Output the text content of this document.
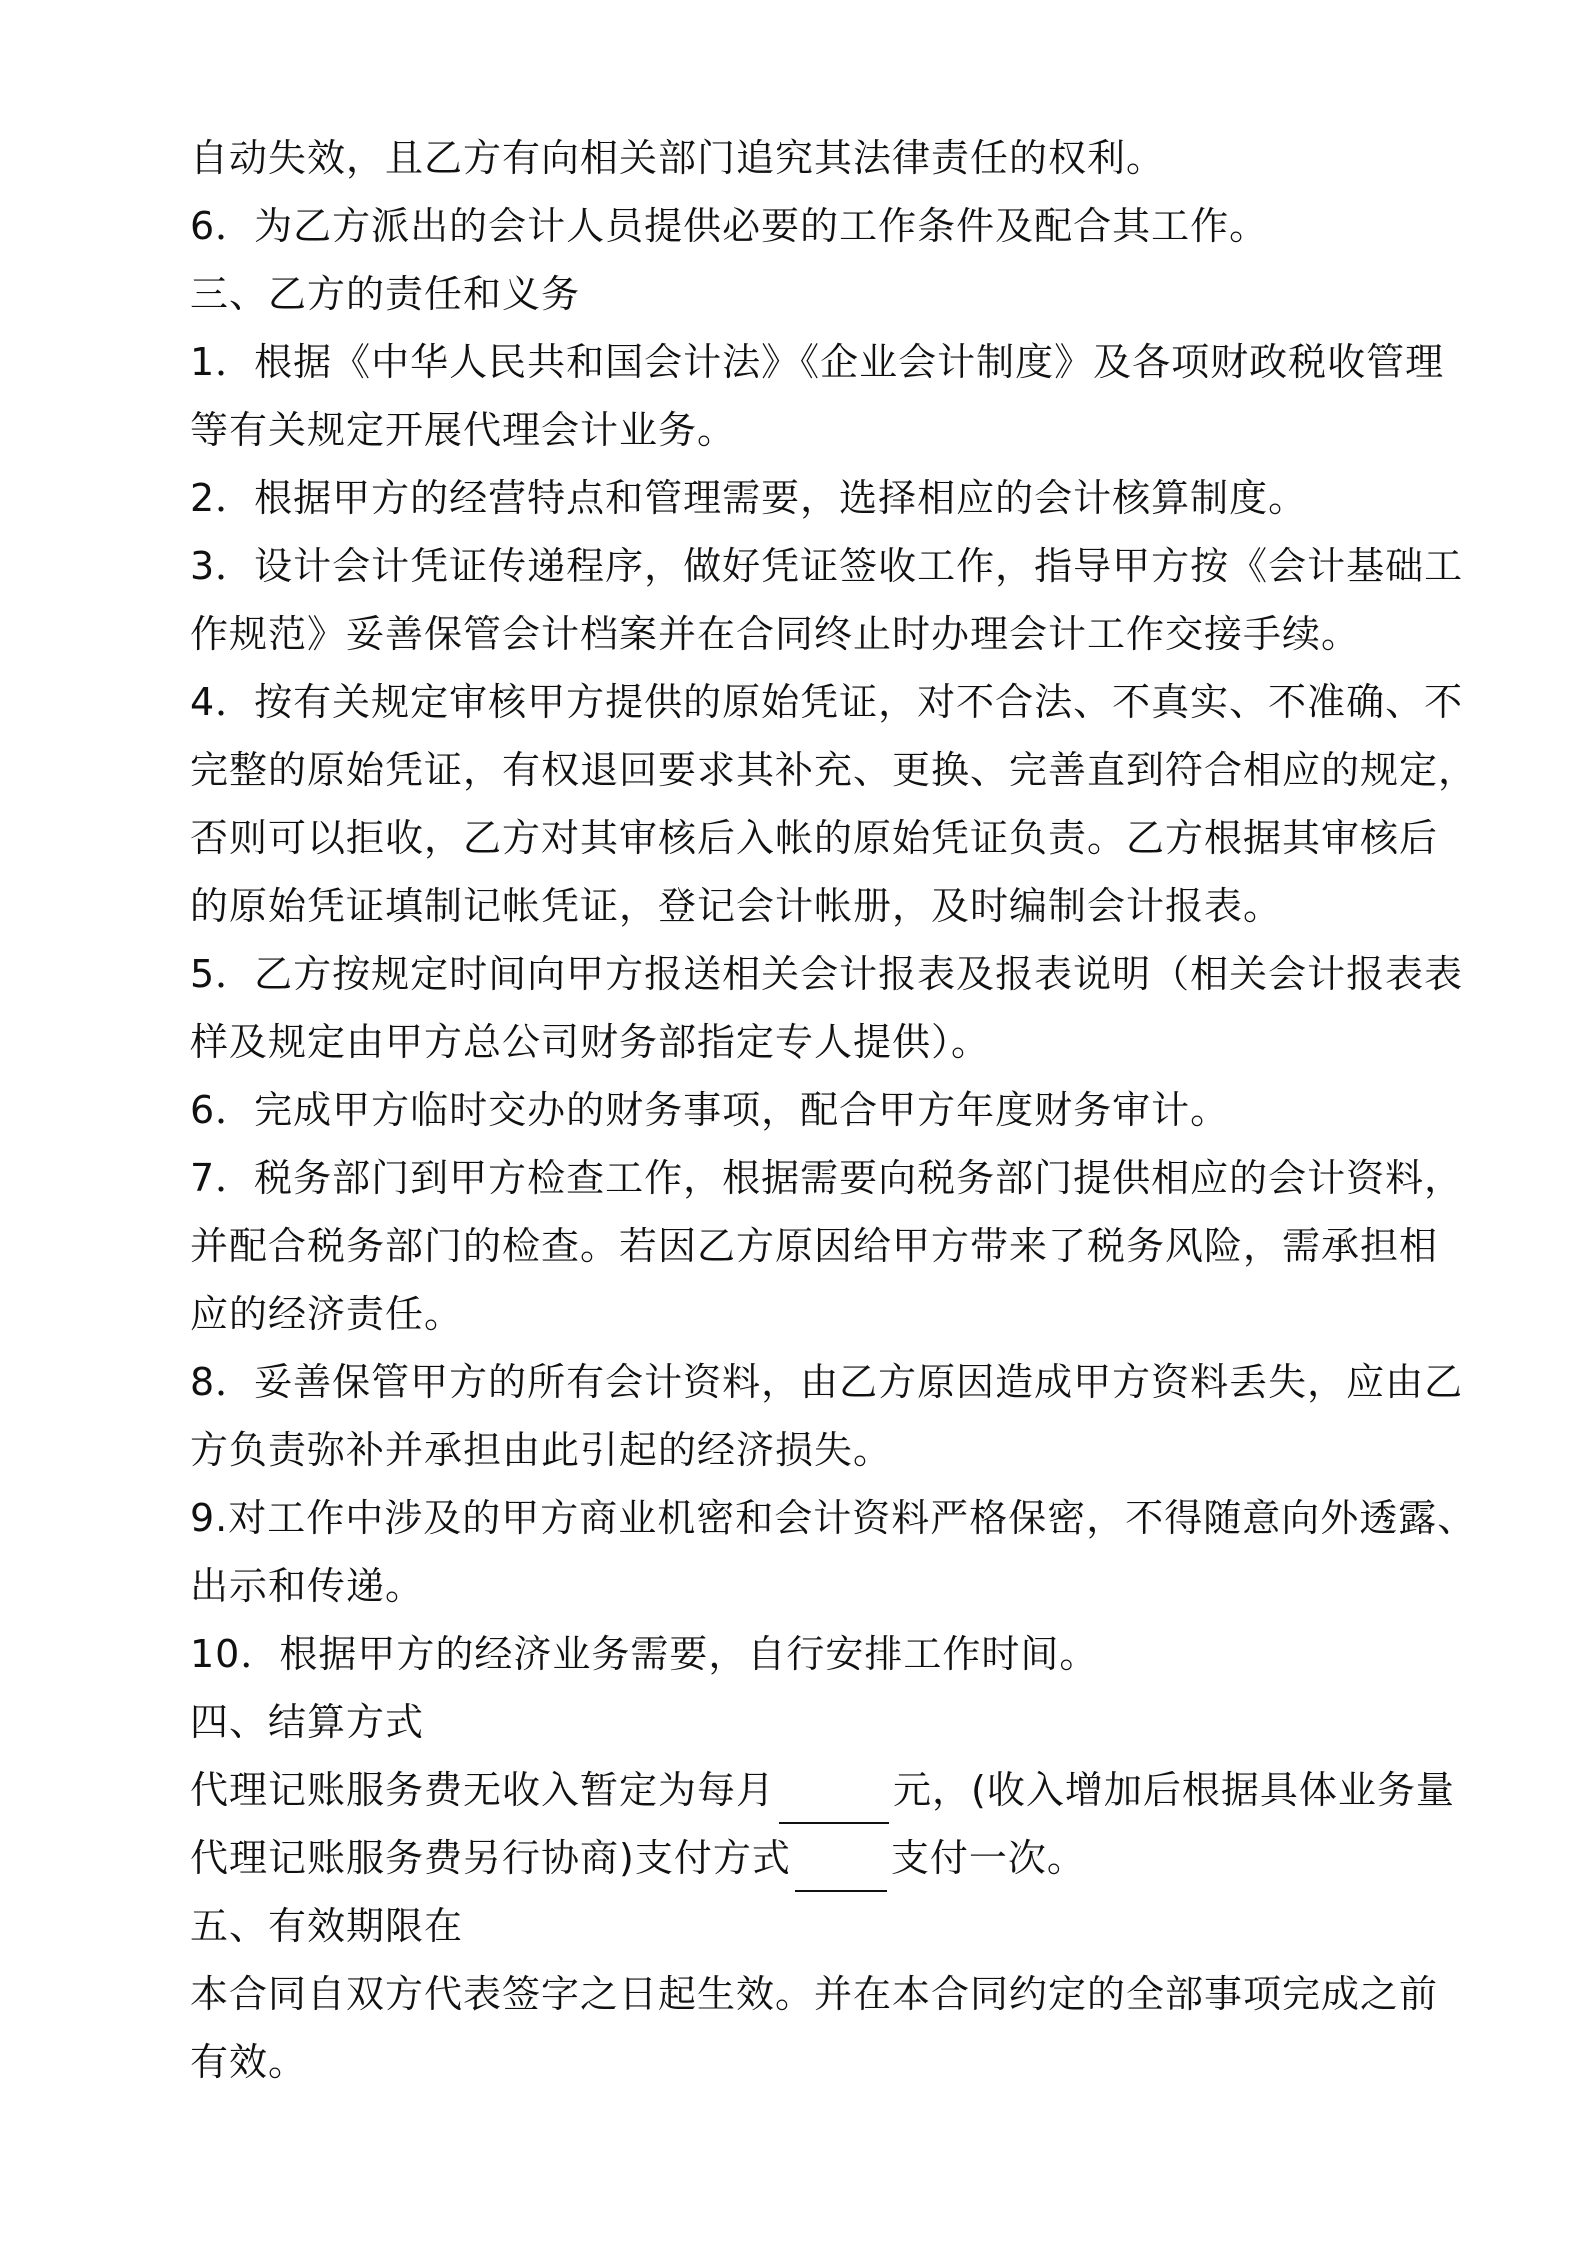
自动失效，且乙方有向相关部门追究其法律责任的权利。
6．为乙方派出的会计人员提供必要的工作条件及配合其工作。
三、乙方的责任和义务
1．根据《中华人民共和国会计法》《企业会计制度》及各项财政税收管理
等有关规定开展代理会计业务。
2．根据甲方的经营特点和管理需要，选择相应的会计核算制度。
3．设计会计凭证传递程序，做好凭证签收工作，指导甲方按《会计基础工
作规范》妥善保管会计档案并在合同终止时办理会计工作交接手续。
4．按有关规定审核甲方提供的原始凭证，对不合法、不真实、不准确、不
完整的原始凭证，有权退回要求其补充、更换、完善直到符合相应的规定，
否则可以拒收，乙方对其审核后入帐的原始凭证负责。乙方根据其审核后
的原始凭证填制记帐凭证，登记会计帐册，及时编制会计报表。
5．乙方按规定时间向甲方报送相关会计报表及报表说明（相关会计报表表
样及规定由甲方总公司财务部指定专人提供）。
6．完成甲方临时交办的财务事项，配合甲方年度财务审计。
7．税务部门到甲方检查工作，根据需要向税务部门提供相应的会计资料，
并配合税务部门的检查。若因乙方原因给甲方带来了税务风险，需承担相
应的经济责任。
8．妥善保管甲方的所有会计资料，由乙方原因造成甲方资料丢失，应由乙
方负责弥补并承担由此引起的经济损失。
9.对工作中涉及的甲方商业机密和会计资料严格保密，不得随意向外透露、
出示和传递。
10．根据甲方的经济业务需要，自行安排工作时间。
四、结算方式
代理记账服务费无收入暂定为每月	元，(收入增加后根据具体业务量
代理记账服务费另行协商)支付方式	支付一次。
五、有效期限在
本合同自双方代表签字之日起生效。并在本合同约定的全部事项完成之前
有效。
